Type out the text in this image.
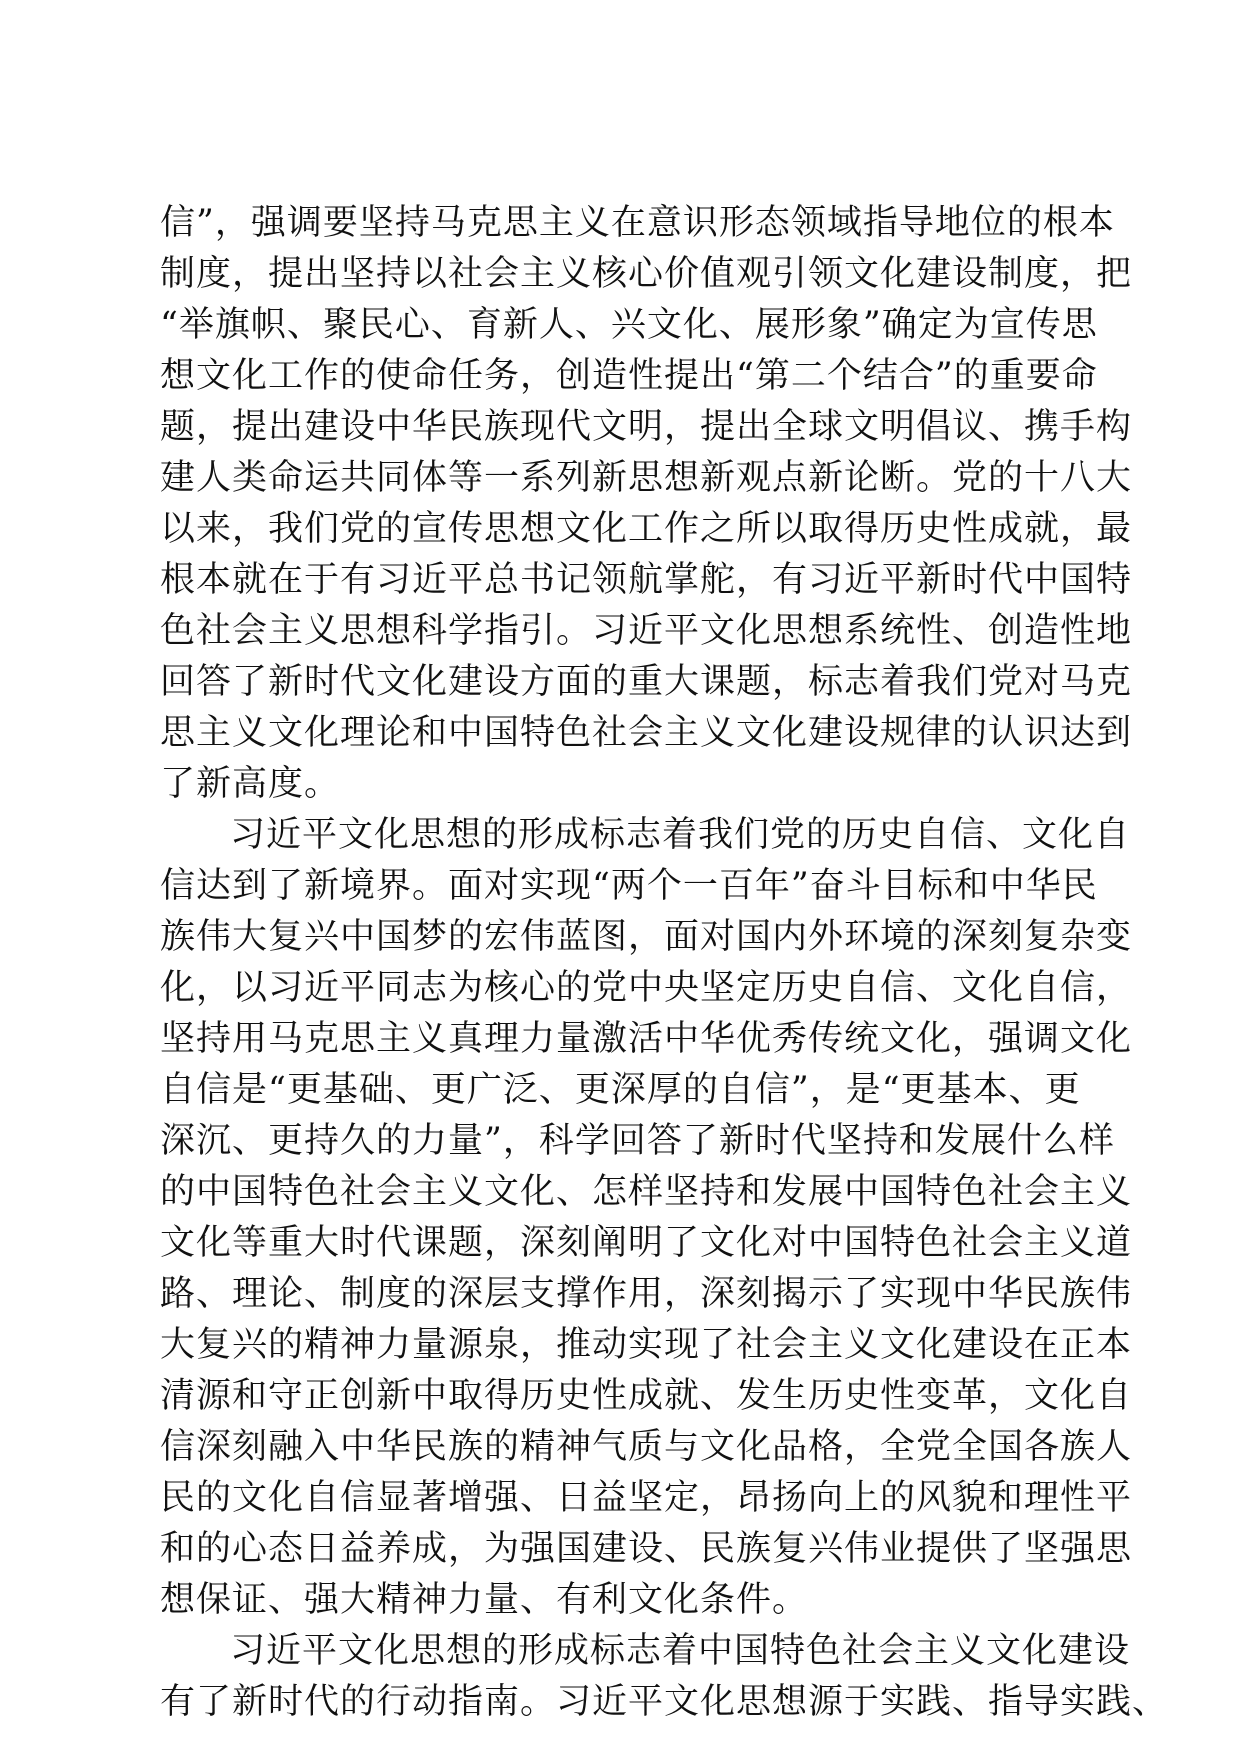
信”，强调要坚持马克思主义在意识形态领域指导地位的根本
制度，提出坚持以社会主义核心价值观引领文化建设制度，把
“举旗帜、聚民心、育新人、兴文化、展形象”确定为宣传思
想文化工作的使命任务，创造性提出“第二个结合”的重要命
题，提出建设中华民族现代文明，提出全球文明倡议、携手构
建人类命运共同体等一系列新思想新观点新论断。党的十八大
以来，我们党的宣传思想文化工作之所以取得历史性成就，最
根本就在于有习近平总书记领航掌舵，有习近平新时代中国特
色社会主义思想科学指引。习近平文化思想系统性、创造性地
回答了新时代文化建设方面的重大课题，标志着我们党对马克
思主义文化理论和中国特色社会主义文化建设规律的认识达到
了新高度。
习近平文化思想的形成标志着我们党的历史自信、文化自
信达到了新境界。面对实现“两个一百年”奋斗目标和中华民
族伟大复兴中国梦的宏伟蓝图，面对国内外环境的深刻复杂变
化，以习近平同志为核心的党中央坚定历史自信、文化自信，
坚持用马克思主义真理力量激活中华优秀传统文化，强调文化
自信是“更基础、更广泛、更深厚的自信”，是“更基本、更
深沉、更持久的力量”，科学回答了新时代坚持和发展什么样
的中国特色社会主义文化、怎样坚持和发展中国特色社会主义
文化等重大时代课题，深刻阐明了文化对中国特色社会主义道
路、理论、制度的深层支撑作用，深刻揭示了实现中华民族伟
大复兴的精神力量源泉，推动实现了社会主义文化建设在正本
清源和守正创新中取得历史性成就、发生历史性变革，文化自
信深刻融入中华民族的精神气质与文化品格，全党全国各族人
民的文化自信显著增强、日益坚定，昂扬向上的风貌和理性平
和的心态日益养成，为强国建设、民族复兴伟业提供了坚强思
想保证、强大精神力量、有利文化条件。
习近平文化思想的形成标志着中国特色社会主义文化建设
有了新时代的行动指南。习近平文化思想源于实践、指导实践、
